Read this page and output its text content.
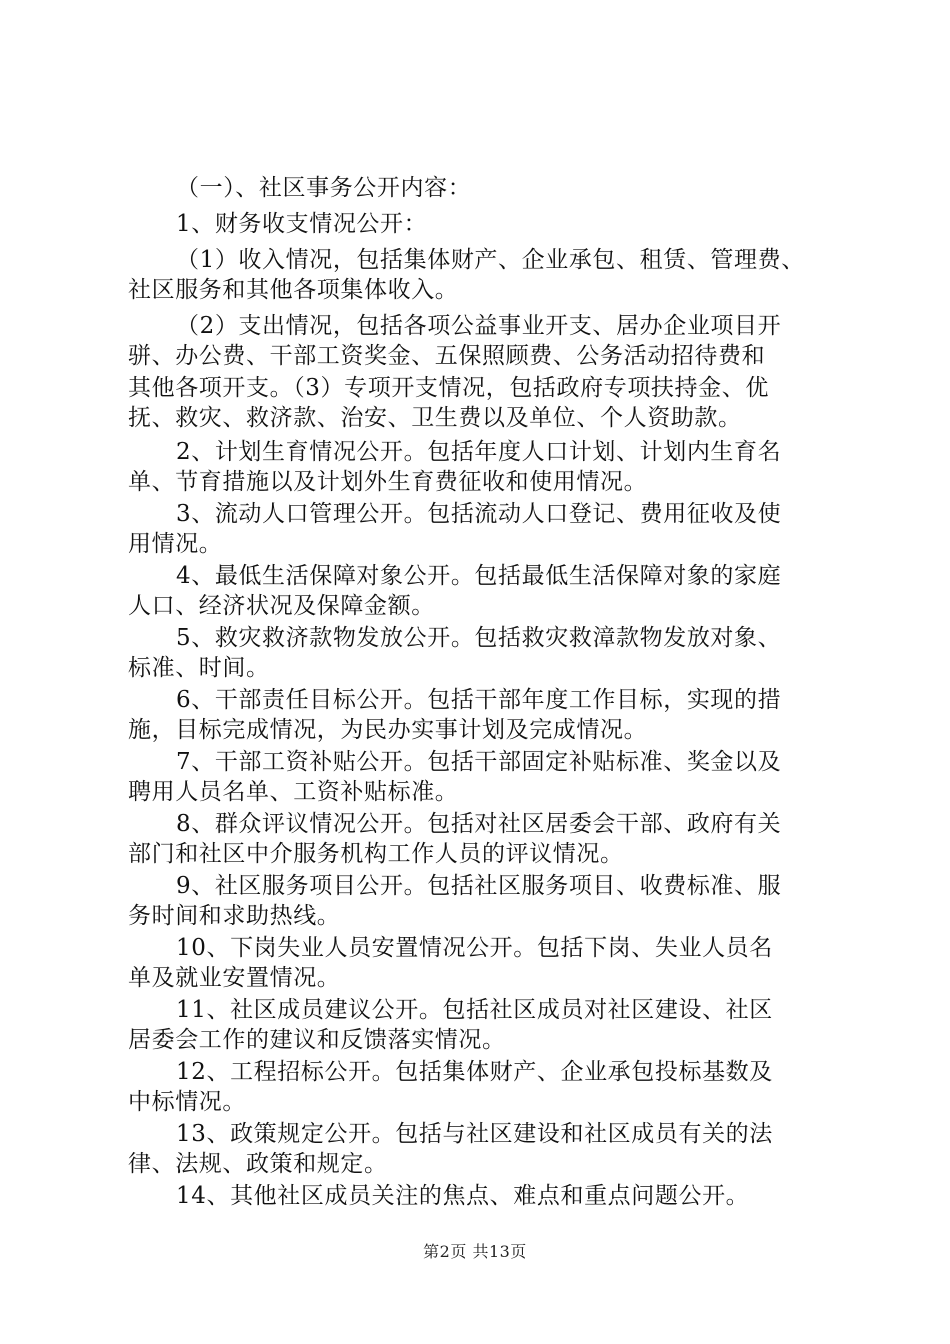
（一）、社区事务公开内容：
1、财务收支情况公开：
（1）收入情况，包括集体财产、企业承包、租赁、管理费、
社区服务和其他各项集体收入。
（2）支出情况，包括各项公益事业开支、居办企业项目开
骈、办公费、干部工资奖金、五保照顾费、公务活动招待费和
其他各项开支。（3）专项开支情况，包括政府专项扶持金、优
抚、救灾、救济款、治安、卫生费以及单位、个人资助款。
2、计划生育情况公开。包括年度人口计划、计划内生育名
单、节育措施以及计划外生育费征收和使用情况。
3、流动人口管理公开。包括流动人口登记、费用征收及使
用情况。
4、最低生活保障对象公开。包括最低生活保障对象的家庭
人口、经济状况及保障金额。
5、救灾救济款物发放公开。包括救灾救漳款物发放对象、
标准、时间。
6、干部责任目标公开。包括干部年度工作目标，实现的措
施，目标完成情况，为民办实事计划及完成情况。
7、干部工资补贴公开。包括干部固定补贴标准、奖金以及
聘用人员名单、工资补贴标准。
8、群众评议情况公开。包括对社区居委会干部、政府有关
部门和社区中介服务机构工作人员的评议情况。
9、社区服务项目公开。包括社区服务项目、收费标准、服
务时间和求助热线。
10、下岗失业人员安置情况公开。包括下岗、失业人员名
单及就业安置情况。
11、社区成员建议公开。包括社区成员对社区建设、社区
居委会工作的建议和反馈落实情况。
12、工程招标公开。包括集体财产、企业承包投标基数及
中标情况。
13、政策规定公开。包括与社区建设和社区成员有关的法
律、法规、政策和规定。
14、其他社区成员关注的焦点、难点和重点问题公开。
第2页 共13页
